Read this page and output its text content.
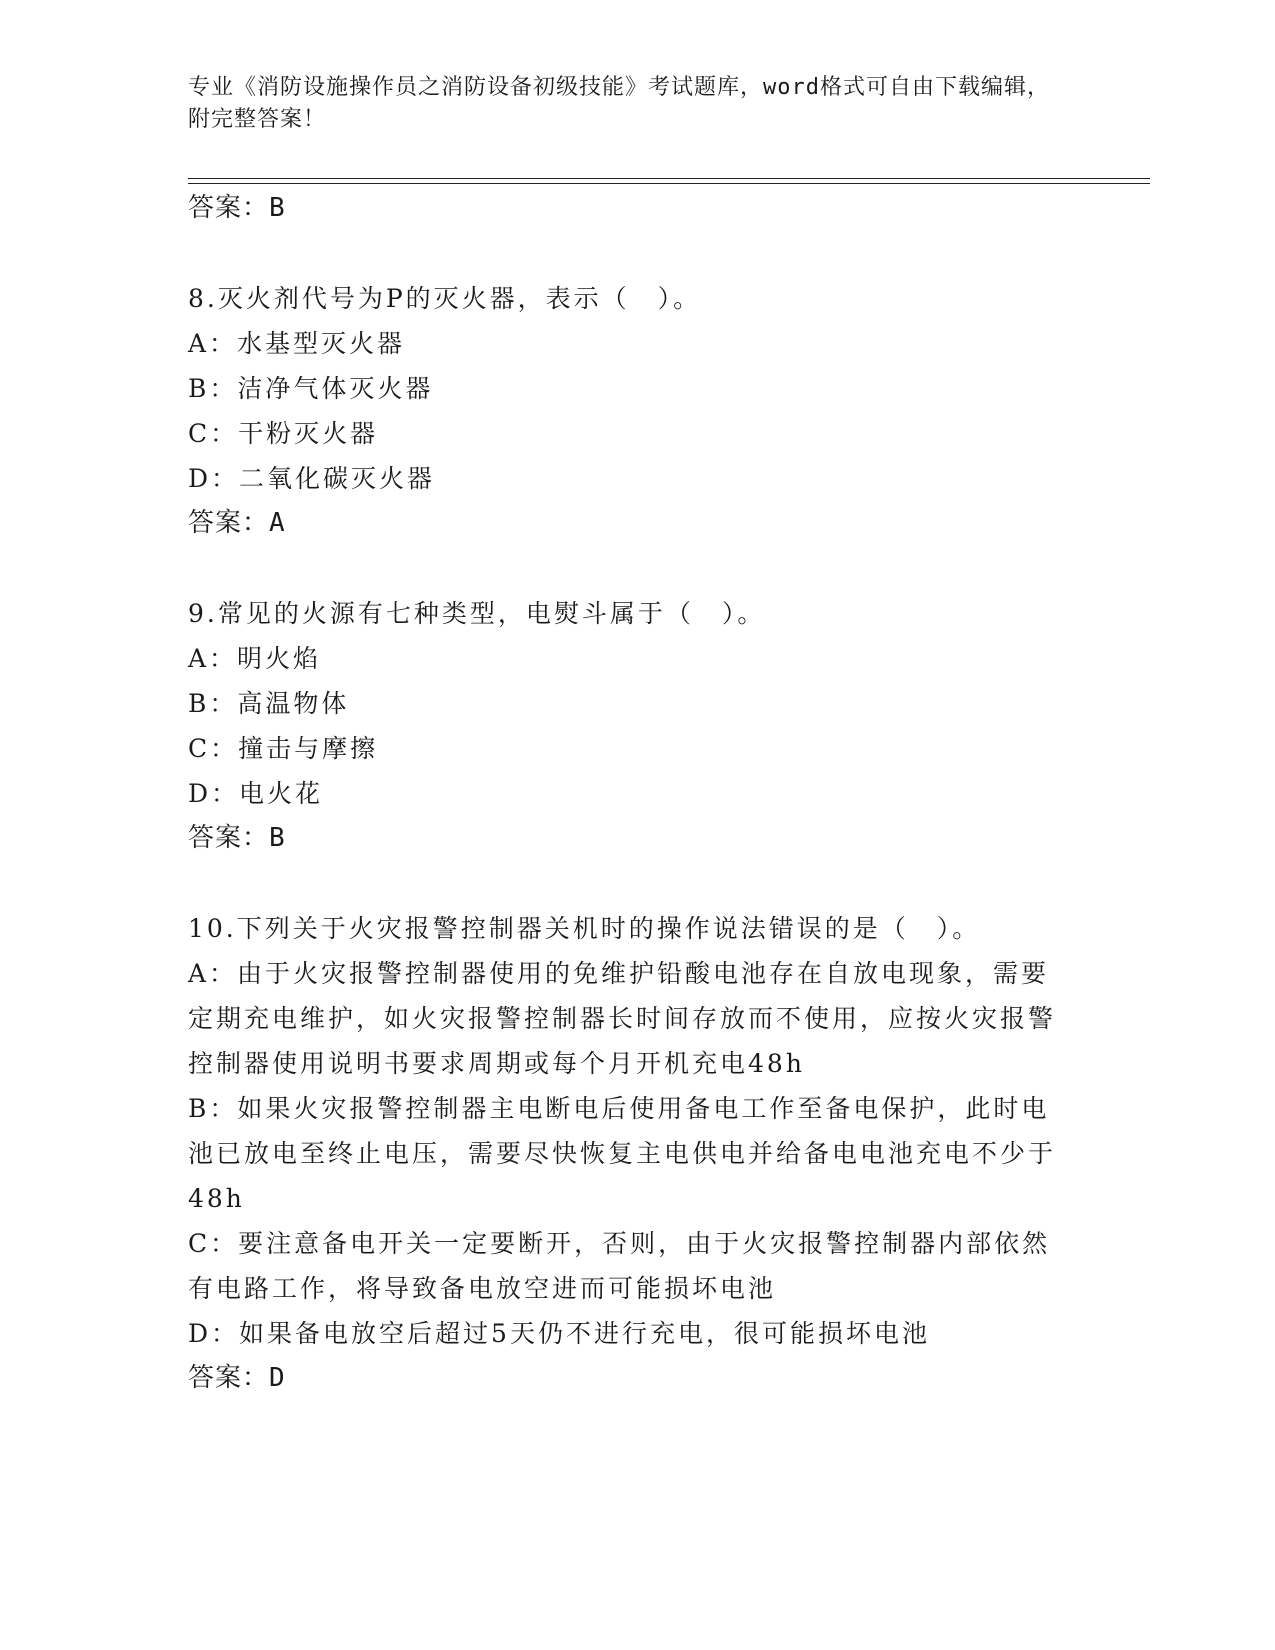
专业《消防设施操作员之消防设备初级技能》考试题库，word格式可自由下载编辑，附完整答案！
答案：B
8.灭火剂代号为P的灭火器，表示（　）。
A：水基型灭火器
B：洁净气体灭火器
C：干粉灭火器
D：二氧化碳灭火器
答案：A
9.常见的火源有七种类型，电熨斗属于（　）。
A：明火焰
B：高温物体
C：撞击与摩擦
D：电火花
答案：B
10.下列关于火灾报警控制器关机时的操作说法错误的是（　）。
A：由于火灾报警控制器使用的免维护铅酸电池存在自放电现象，需要定期充电维护，如火灾报警控制器长时间存放而不使用，应按火灾报警控制器使用说明书要求周期或每个月开机充电48h
B：如果火灾报警控制器主电断电后使用备电工作至备电保护，此时电池已放电至终止电压，需要尽快恢复主电供电并给备电电池充电不少于48h
C：要注意备电开关一定要断开，否则，由于火灾报警控制器内部依然有电路工作，将导致备电放空进而可能损坏电池
D：如果备电放空后超过5天仍不进行充电，很可能损坏电池
答案：D
